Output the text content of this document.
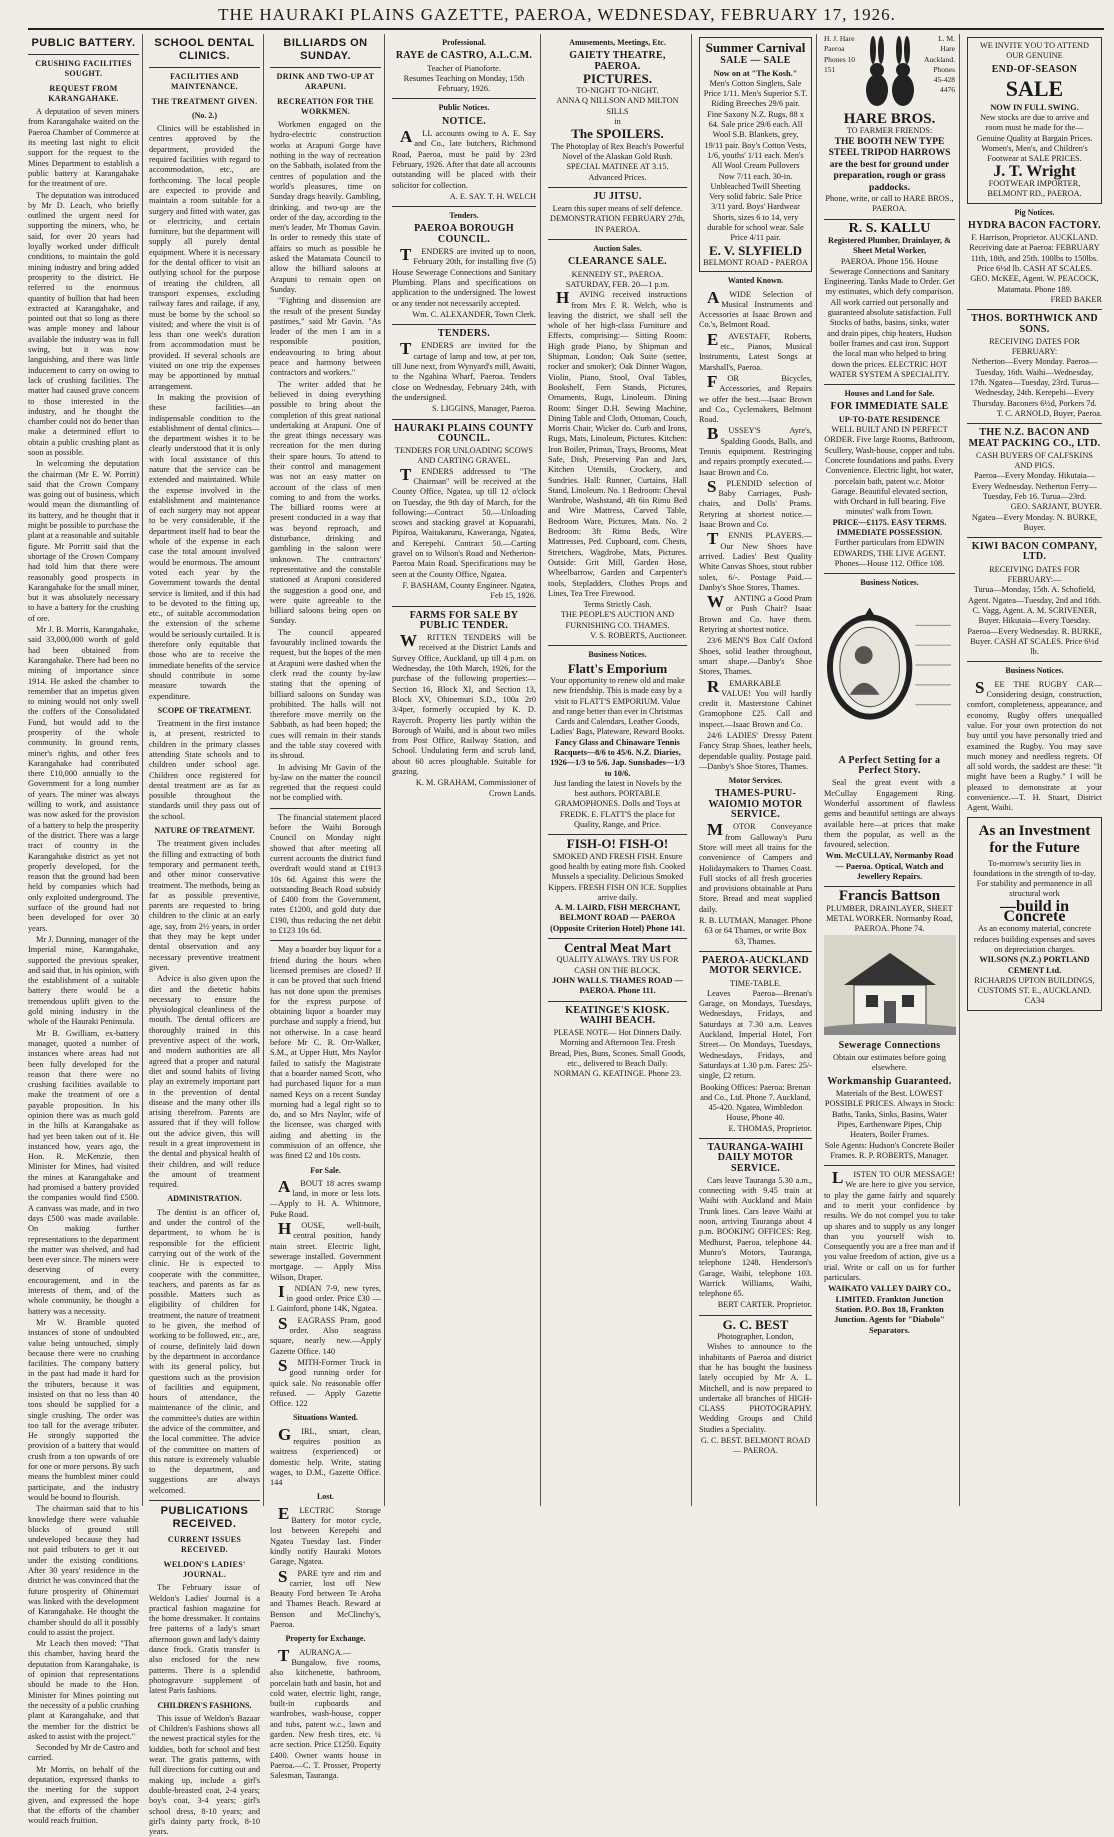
THE HAURAKI PLAINS GAZETTE, PAEROA, WEDNESDAY, FEBRUARY 17, 1926.
PUBLIC BATTERY.
CRUSHING FACILITIES SOUGHT.
REQUEST FROM KARANGAHAKE.

A deputation of seven miners from Karangahake waited on the Paeroa Chamber of Commerce at its meeting last night to elicit support for the request to the Mines Department to establish a public battery at Karangahake for the treatment of ore.

The deputation was introduced by Mr D. Leach, who briefly outlined the urgent need for supporting the miners, who, he said, for over 20 years had loyally worked under difficult conditions, to maintain the gold mining industry and bring added prosperity to the district. He referred to the enormous quantity of bullion that had been extracted at Karangahake, and pointed out that so long as there was ample money and labour available the industry was in full swing, but it was now languishing, and there was little inducement to carry on owing to lack of crushing facilities. The matter had caused grave concern to those interested in the industry, and he thought the chamber could not do better than make a determined effort to obtain a public crushing plant as soon as possible.

In welcoming the deputation the chairman (Mr E. W. Porritt) said that the Crown Company was going out of business, which would mean the dismantling of its battery, and he thought that it might be possible to purchase the plant at a reasonable and suitable figure. Mr Porritt said that the shortage of the Crown Company had told him that there were reasonably good prospects in Karangahake for the small miner, but it was absolutely necessary to have a battery for the crushing of ore.

Mr J. B. Morris, Karangahake, said 33,000,000 worth of gold had been obtained from Karangahake. There had been no mining of importance since 1914. He asked the chamber to remember that an impetus given to mining would not only swell the coffers of the Consolidated Fund, but would add to the prosperity of the whole community. In ground rents, miner's rights, and other fees Karangahake had contributed there £10,000 annually to the Government for a long number of years. The miner was always willing to work, and assistance was now asked for the provision of a battery to help the prosperity of the district. There was a large tract of country in the Karangahake district as yet not properly developed, for the reason that the ground had been held by companies which had only exploited underground. The surface of the ground had not been developed for over 30 years.

Mr J. Dunning, manager of the Imperial mine, Karangahake, supported the previous speaker, and said that, in his opinion, with the establishment of a suitable battery there would be a tremendous uplift given to the gold mining industry in the whole of the Hauraki Peninsula.

Mr B. Gwilliam, ex-battery manager, quoted a number of instances where areas had not been fully developed for the reason that there were no crushing facilities available to make the treatment of ore a payable proposition. In his opinion there was as much gold in the hills at Karangahake as had yet been taken out of it. He instanced how, years ago, the Hon. R. McKenzie, then Minister for Mines, had visited the mines at Karangahake and had promised a battery provided the companies would find £500. A canvass was made, and in two days £500 was made available. On making further representations to the department the matter was shelved, and had been ever since. The miners were deserving of every encouragement, and in the interests of them, and of the whole community, he thought a battery was a necessity.

Mr W. Bramble quoted instances of stone of undoubted value being untouched, simply because there were no crushing facilities. The company battery in the past had made it hard for the tributers, because it was insisted on that no less than 40 tons should be supplied for a single crushing. The order was too tall for the average tributer. He strongly supported the provision of a battery that would crush from a ton upwards of ore for one or more persons. By such means the humblest miner could participate, and the industry would be bound to flourish.

The chairman said that to his knowledge there were valuable blocks of ground still undeveloped because they had not paid tributers to get it out under the existing conditions. After 30 years' residence in the district he was convinced that the future prosperity of Ohinemuri was linked with the development of Karangahake. He thought the chamber should do all it possibly could to assist the project.

Mr Leach then moved: "That this chamber, having heard the deputation from Karangahake, is of opinion that representations should be made to the Hon. Minister for Mines pointing out the necessity of a public crushing plant at Karangahake, and that the member for the district be asked to assist with the project."

Seconded by Mr de Castro and carried.

Mr Morris, on behalf of the deputation, expressed thanks to the meeting for the support given, and expressed the hope that the efforts of the chamber would reach fruition.

SCHOOL DENTAL CLINICS.
FACILITIES AND MAINTENANCE.
THE TREATMENT GIVEN.
(No. 2.)

Clinics will be established in centres approved by the department, provided the required facilities with regard to accommodation, etc., are forthcoming. The local people are expected to provide and maintain a room suitable for a surgery and fitted with water, gas or electricity, and certain furniture, but the department will supply all purely dental equipment. Where it is necessary for the dental officer to visit an outlying school for the purpose of treating the children, all transport expenses, excluding railway fares and railage, if any, must be borne by the school so visited; and where the visit is of less than one week's duration from accommodation must be provided. If several schools are visited on one trip the expenses may be apportioned by mutual arrangement.

In making the provision of these facilities—an indispensable condition to the establishment of dental clinics—the department wishes it to be clearly understood that it is only with local assistance of this nature that the service can be extended and maintained. While the expense involved in the establishment and maintenance of each surgery may not appear to be very considerable, if the department itself had to bear the whole of the expense in each case the total amount involved would be enormous. The amount voted each year by the Government towards the dental service is limited, and if this had to be devoted to the fitting up, etc., of suitable accommodation the extension of the scheme would be seriously curtailed. It is therefore only equitable that those who are to receive the immediate benefits of the service should contribute in some measure towards the expenditure.

SCOPE OF TREATMENT.

Treatment in the first instance is, at present, restricted to children in the primary classes attending State schools and to children under school age. Children once registered for dental treatment are as far as possible throughout the standards until they pass out of the school.

NATURE OF TREATMENT.

The treatment given includes the filling and extracting of both temporary and permanent teeth, and other minor conservative treatment. The methods, being as far as possible preventive, parents are requested to bring children to the clinic at an early age, say, from 2½ years, in order that they may be kept under dental observation and any necessary preventive treatment given.

Advice is also given upon the diet and the dietetic habits necessary to ensure the physiological cleanliness of the mouth. The dental officers are thoroughly trained in this preventive aspect of the work, and modern authorities are all agreed that a proper and natural diet and sound habits of living play an extremely important part in the prevention of dental disease and the many other ills arising therefrom. Parents are assured that if they will follow out the advice given, this will result in a great improvement in the dental and physical health of their children, and will reduce the amount of treatment required.

ADMINISTRATION.

The dentist is an officer of, and under the control of the department, to whom he is responsible for the efficient carrying out of the work of the clinic. He is expected to cooperate with the committee, teachers, and parents as far as possible. Matters such as eligibility of children for treatment, the nature of treatment to be given, the method of working to be followed, etc., are, of course, definitely laid down by the department in accordance with its general policy, but questions such as the provision of facilities and equipment, hours of attendance, the maintenance of the clinic, and the committee's duties are within the advice of the committee, and the local committee. The advice of the committee on matters of this nature is extremely valuable to the department, and suggestions are always welcomed.

PUBLICATIONS RECEIVED.
CURRENT ISSUES RECEIVED.
WELDON'S LADIES' JOURNAL.

The February issue of Weldon's Ladies' Journal is a practical fashion magazine for the home dressmaker. It contains free patterns of a lady's smart afternoon gown and lady's dainty dance frock. Gratis transfer is also enclosed for the new patterns. There is a splendid photogravure supplement of latest Paris fashions.

CHILDREN'S FASHIONS.

This issue of Weldon's Bazaar of Children's Fashions shows all the newest practical styles for the kiddies, both for school and best wear. The gratis patterns, with full directions for cutting out and making up, include a girl's double-breasted coat, 2-4 years; boy's coat, 3-4 years; girl's school dress, 8-10 years; and girl's dainty party frock, 8-10 years.

BILLIARDS ON SUNDAY.
DRINK AND TWO-UP AT ARAPUNI.
RECREATION FOR THE WORKMEN.

Workmen engaged on the hydro-electric construction works at Arapuni Gorge have nothing in the way of recreation on the Sabbath, isolated from the centres of population and the world's pleasures, time on Sunday drags heavily. Gambling, drinking, and two-up are the order of the day, according to the men's leader, Mr Thomas Gavin. In order to remedy this state of affairs so much as possible he asked the Matamata Council to allow the billiard saloons at Arapuni to remain open on Sunday.

"Fighting and dissension are the result of the present Sunday pastimes," said Mr Gavin. "As leader of the men I am in a responsible position, endeavouring to bring about peace and harmony between contractors and workers."

The writer added that he believed in doing everything possible to bring about the completion of this great national undertaking at Arapuni. One of the great things necessary was recreation for the men during their spare hours. To attend to their control and management was not an easy matter on account of the class of men coming to and from the works. The billiard rooms were at present conducted in a way that was beyond reproach, and disturbance, drinking and gambling in the saloon were unknown. The contractors' representative and the constable stationed at Arapuni considered the suggestion a good one, and were quite agreeable to the billiard saloons being open on Sunday.

The council appeared favourably inclined towards the request, but the hopes of the men at Arapuni were dashed when the clerk read the county by-law stating that the opening of billiard saloons on Sunday was prohibited. The halls will not therefore move merrily on the Sabbath, as had been hoped; the cues will remain in their stands and the table stay covered with its shroud.

In advising Mr Gavin of the by-law on the matter the council regretted that the request could not be complied with.

The financial statement placed before the Waihi Borough Council on Monday night showed that after meeting all current accounts the district fund overdraft would stand at £1913 10s 6d. Against this were the outstanding Beach Road subsidy of £400 from the Government, rates £1200, and gold duty due £190, thus reducing the net debit to £123 10s 6d.

May a boarder buy liquor for a friend during the hours when licensed premises are closed? If it can be proved that such friend has not done upon the premises for the express purpose of obtaining liquor a boarder may purchase and supply a friend, but not otherwise. In a case heard before Mr C. R. Orr-Walker, S.M., at Upper Hutt, Mrs Naylor failed to satisfy the Magistrate that a boarder named Scott, who had purchased liquor for a man named Keys on a recent Sunday morning had a legal right so to do, and so Mrs Naylor, wife of the licensee, was charged with aiding and abetting in the commission of an offence, she was fined £2 and 10s costs.

For Sale.

ABOUT 18 acres swamp land, in more or less lots.—Apply to H. A. Whitmore, Puke Road.

HOUSE, well-built, central position, handy main street. Electric light, sewerage installed. Government mortgage. — Apply Miss Wilson, Draper.

INDIAN 7-9, new tyres, in good order. Price £30 —I. Gainford, phone 14K, Ngatea.

SEAGRASS Pram, good order. Also seagrass square, nearly new.—Apply Gazette Office. 140

SMITH-Former Truck in good running order for quick sale. No reasonable offer refused. — Apply Gazette Office. 122

Situations Wanted.

GIRL, smart, clean, requires position as waitress (experienced) or domestic help. Write, stating wages, to D.M., Gazette Office. 144

Lost.

ELECTRIC Storage Battery for motor cycle, lost between Kerepehi and Ngatea Tuesday last. Finder kindly notify Hauraki Motors Garage, Ngatea.

SPARE tyre and rim and carrier, lost off New Beauty Ford between Te Aroha and Thames Beach. Reward at Benson and McClinchy's, Paeroa.

Property for Exchange.

TAURANGA.—Bungalow, five rooms, also kitchenette, bathroom, porcelain bath and basin, hot and cold water, electric light, range, built-in cupboards and wardrobes, wash-house, copper and tubs, patent w.c., lawn and garden. New fresh tires, etc. ¼ acre section. Price £1250. Equity £400. Owner wants house in Paeroa.—C. T. Prosser, Property Salesman, Tauranga.

Professional.
RAYE de CASTRO, A.L.C.M.
Teacher of Pianoforte.
Resumes Teaching on Monday, 15th February, 1926.
Public Notices.
NOTICE.

ALL accounts owing to A. E. Say and Co., late butchers, Richmond Road, Paeroa, must be paid by 23rd February, 1926. After that date all accounts outstanding will be placed with their solicitor for collection.

A. E. SAY. T. H. WELCH
Tenders.
PAEROA BOROUGH COUNCIL.

TENDERS are invited up to noon, February 20th, for installing five (5) House Sewerage Connections and Sanitary Plumbing. Plans and specifications on application to the undersigned. The lowest or any tender not necessarily accepted.

Wm. C. ALEXANDER, Town Clerk.
TENDERS.

TENDERS are invited for the cartage of lamp and tow, at per ton, till June next, from Wynyard's mill, Awaiti, to the Ngahina Wharf, Paeroa. Tenders close on Wednesday, February 24th, with the undersigned.

S. LIGGINS, Manager, Paeroa.
HAURAKI PLAINS COUNTY COUNCIL.
TENDERS FOR UNLOADING SCOWS AND CARTING GRAVEL.

TENDERS addressed to "The Chairman" will be received at the County Office, Ngatea, up till 12 o'clock on Tuesday, the 9th day of March, for the following:—Contract 50.—Unloading scows and stacking gravel at Kopuarahi, Pipiroa, Waitakaruru, Kaweranga, Ngatea, and Kerepehi. Contract 50.—Carting gravel on to Wilson's Road and Netherton-Paeroa Main Road. Specifications may be seen at the County Office, Ngatea.

F. BASHAM, County Engineer. Ngatea, Feb 15, 1926.
FARMS FOR SALE BY PUBLIC TENDER.

WRITTEN TENDERS will be received at the District Lands and Survey Office, Auckland, up till 4 p.m. on Wednesday, the 10th March, 1926, for the purchase of the following properties:— Section 16, Block XI, and Section 13, Block XV, Ohinemuri S.D., 100a 2r0 3/4per, formerly occupied by K. D. Raycroft. Property lies partly within the Borough of Waihi, and is about two miles from Post Office, Railway Station, and School. Undulating ferm and scrub land, about 60 acres ploughable. Suitable for grazing.

K. M. GRAHAM, Commissioner of Crown Lands.
Amusements, Meetings, Etc.
GAIETY THEATRE, PAEROA.
PICTURES.
TO-NIGHT TO-NIGHT.
ANNA Q NILLSON AND MILTON SILLS
in
The SPOILERS.
The Photoplay of Rex Beach's Powerful Novel of the Alaskan Gold Rush.
SPECIAL MATINEE AT 3.15.
Advanced Prices.
JU JITSU.
Learn this super means of self defence.
DEMONSTRATION FEBRUARY 27th, IN PAEROA.
Auction Sales.
CLEARANCE SALE.
KENNEDY ST., PAEROA.
SATURDAY, FEB. 20—1 p.m.

HAVING received instructions from Mrs F. R. Welch, who is leaving the district, we shall sell the whole of her high-class Furniture and Effects, comprising:— Sitting Room: High grade Piano, by Shipman and Shipman, London; Oak Suite (settee, rocker and smoker); Oak Dinner Wagon, Violin, Piano, Stool, Oval Tables, Bookshelf, Fern Stands, Pictures, Ornaments, Rugs, Linoleum. Dining Room: Singer D.H. Sewing Machine, Dining Table and Cloth, Ottoman, Couch, Morris Chair, Wicker do. Curb and Irons, Rugs, Mats, Linoleum, Pictures. Kitchen: Iron Boiler, Primus, Trays, Brooms, Meat Safe, Dish, Preserving Pan and Jars, Kitchen Utensils, Crockery, and Sundries. Hall: Runner, Curtains, Hall Stand, Linoleum. No. 1 Bedroom: Cheval Wardrobe, Washstand, 4ft 6in Rimu Bed and Wire Mattress, Carved Table, Bedroom Ware, Pictures, Mats. No. 2 Bedroom: 3ft Rimu Beds, Wire Mattresses, Ped. Cupboard, com. Chests, Stretchers, Wagdrobe, Mats, Pictures. Outside: Grit Mill, Garden Hose, Wheelbarrow, Garden and Carpenter's tools, Stepladders, Clothes Props and Lines, Tea Tree Firewood.

Terms Strictly Cash.
THE PEOPLE'S AUCTION AND FURNISHING CO. THAMES.
V. S. ROBERTS, Auctioneer.
Business Notices.
Flatt's Emporium
Your opportunity to renew old and make new friendship. This is made easy by a visit to FLATT'S EMPORIUM. Value and range better than ever in Christmas Cards and Calendars, Leather Goods, Ladies' Bags, Plateware, Reward Books.
Fancy Glass and Chinaware Tennis Racquets—8/6 to 45/6. N.Z. Diaries, 1926—1/3 to 5/6. Jap. Sunshades—1/3 to 10/6.
Just landing the latest in Novels by the best authors. PORTABLE GRAMOPHONES. Dolls and Toys at FREDK. E. FLATT'S the place for Quality, Range, and Price.
FISH-O! FISH-O!
SMOKED AND FRESH FISH. Ensure good health by eating more fish. Cooked Mussels a speciality. Delicious Smoked Kippers. FRESH FISH ON ICE. Supplies arrive daily.
A. M. LAIRD, FISH MERCHANT, BELMONT ROAD — PAEROA (Opposite Criterion Hotel) Phone 141.
Central Meat Mart
QUALITY ALWAYS. TRY US FOR CASH ON THE BLOCK.
JOHN WALLS. THAMES ROAD — PAEROA. Phone 111.
KEATINGE'S KIOSK. WAIHI BEACH.
PLEASE NOTE— Hot Dinners Daily. Morning and Afternoon Tea. Fresh Bread, Pies, Buns, Scones. Small Goods, etc., delivered to Beach Daily.
NORMAN G. KEATINGE. Phone 23.
Summer Carnival
SALE — SALE
Now on at "The Kosh."
Men's Cotton Singlets, Sale Price 1/11. Men's Superior S.T. Riding Breeches 29/6 pair. Fine Saxony N.Z. Rugs, 88 x 64. Sale price 29/6 each. All Wool S.B. Blankets, grey, 19/11 pair. Boy's Cotton Vests, 1/6, youths' 1/11 each. Men's All Wool Cream Pullovers Now 7/11 each. 30-in. Unbleached Twill Sheeting Very solid fabric. Sale Price 3/11 yard. Boys' Hardwear Shorts, sizes 6 to 14, very durable for school wear. Sale Price 4/11 pair.
E. V. SLYFIELD
BELMONT ROAD - PAEROA
Wanted Known.

AWIDE Selection of Musical Instruments and Accessories at Isaac Brown and Co.'s, Belmont Road.

EAVESTAFF, Roberts, etc., Pianos, Musical Instruments, Latest Songs at Marshall's, Paeroa.

FOR Bicycles, Accessories, and Repairs we offer the best.—Isaac Brown and Co., Cyclemakers, Belmont Road.

BUSSEY'S Ayre's, Spalding Goods, Balls, and Tennis equipment. Restringing and repairs promptly executed.—Isaac Brown and Co.

SPLENDID selection of Baby Carriages, Push-chairs, and Dolls' Prams. Retyring at shortest notice.—Isaac Brown and Co.

TENNIS PLAYERS.—Our New Shoes have arrived. Ladies' Best Quality White Canvas Shoes, stout rubber soles, 6/-. Postage Paid.—Danby's Shoe Stores, Thames.

WANTING a Good Pram or Push Chair? Isaac Brown and Co. have them. Retyring at shortest notice.

23/6 MEN'S Box Calf Oxford Shoes, solid leather throughout, smart shape.—Danby's Shoe Stores, Thames.

REMARKABLE VALUE! You will hardly credit it. Masterstone Cabinet Gramophone £25. Call and inspect.—Isaac Brown and Co.

24/6 LADIES' Dressy Patent Fancy Strap Shoes, leather heels, dependable quality. Postage paid.—Danby's Shoe Stores, Thames.

Motor Services.
THAMES-PURU-WAIOMIO MOTOR SERVICE.

MOTOR Conveyance from Galloway's Puru Store will meet all trains for the convenience of Campers and Holidaymakers to Thames Coast. Full stocks of all fresh groceries and provisions obtainable at Puru Store. Bread and meat supplied daily.

R. B. LUTMAN, Manager. Phone 63 or 64 Thames, or write Box 63, Thames.
PAEROA-AUCKLAND MOTOR SERVICE.
TIME-TABLE.

Leaves Paeroa—Brenan's Garage, on Mondays, Tuesdays, Wednesdays, Fridays, and Saturdays at 7.30 a.m. Leaves Auckland, Imperial Hotel, Fort Street— On Mondays, Tuesdays, Wednesdays, Fridays, and Saturdays at 1.30 p.m. Fares: 25/- single, £2 return.

Booking Offices: Paeroa: Brenan and Co., Ltd. Phone 7. Auckland, 45-420. Ngatea, Wimbledon House, Phone 40.
E. THOMAS, Proprietor.
TAURANGA-WAIHI DAILY MOTOR SERVICE.

Cars leave Tauranga 5.30 a.m., connecting with 9.45 train at Waihi with Auckland and Main Trunk lines. Cars leave Waihi at noon, arriving Tauranga about 4 p.m. BOOKING OFFICES: Reg. Medhurst, Paeroa, telephone 44. Munro's Motors, Tauranga, telephone 1248. Henderson's Garage, Waihi, telephone 103. Warrick Williams, Waihi, telephone 65.

BERT CARTER. Proprietor.
G. C. BEST
Photographer, London,

Wishes to announce to the inhabitants of Paeroa and district that he has bought the business lately occupied by Mr A. L. Mitchell, and is now prepared to undertake all branches of HIGH-CLASS PHOTOGRAPHY. Wedding Groups and Child Studies a Speciality.

G. C. BEST. BELMONT ROAD — PAEROA.
H. J. Hare
Paeroa Phones 10 151
L. M. Hare
Auckland. Phones 45-428 4476
HARE BROS.
TO FARMER FRIENDS:
THE BOOTH NEW TYPE STEEL TRIPOD HARROWS are the best for ground under preparation, rough or grass paddocks.
Phone, write, or call to HARE BROS., PAEROA.
R. S. KALLU
Registered Plumber, Drainlayer, & Sheet Metal Worker,
PAEROA. Phone 156. House Sewerage Connections and Sanitary Engineering. Tanks Made to Order. Get my estimates, which defy comparison. All work carried out personally and guaranteed absolute satisfaction. Full Stocks of baths, basins, sinks, water and drain pipes, chip heaters, Hudson boiler frames and cast iron. Support the local man who helped to bring down the prices. ELECTRIC HOT WATER SYSTEM A SPECIALITY.
Houses and Land for Sale.
FOR IMMEDIATE SALE
UP-TO-DATE RESIDENCE
WELL BUILT AND IN PERFECT ORDER. Five large Rooms, Bathroom, Scullery, Wash-house, copper and tubs. Concrete foundations and paths. Every Convenience. Electric light, hot water, porcelain bath, patent w.c. Motor Garage. Beautiful elevated section, with Orchard in full bearing. Five minutes' walk from Town.
PRICE—£1175. EASY TERMS. IMMEDIATE POSSESSION.
Further particulars from EDWIN EDWARDS, THE LIVE AGENT. Phones—House 112. Office 108.
Business Notices.
A Perfect Setting for a Perfect Story.

Seal the great event with a McCullay Engagement Ring. Wonderful assortment of flawless gems and beautiful settings are always available here—at prices that make them the popular, as well as the favoured, selection.

Wm. McCULLAY, Normanby Road — Paeroa. Optical, Watch and Jewellery Repairs.
Francis Battson
PLUMBER, DRAINLAYER, SHEET METAL WORKER. Normanby Road, PAEROA. Phone 74.
Sewerage Connections
Obtain our estimates before going elsewhere.
Workmanship Guaranteed.
Materials of the Best. LOWEST POSSIBLE PRICES. Always in Stock: Baths, Tanks, Sinks, Basins, Water Pipes, Earthenware Pipes, Chip Heaters, Boiler Frames.
Sole Agents: Hudson's Concrete Boiler Frames. R. P. ROBERTS, Manager.

LISTEN TO OUR MESSAGE! We are here to give you service, to play the game fairly and squarely and to merit your confidence by results. We do not compel you to take up shares and to supply us any longer than you yourself wish to. Consequently you are a free man and if you value freedom of action, give us a trial. Write or call on us for further particulars.

WAIKATO VALLEY DAIRY CO., LIMITED. Frankton Junction Station. P.O. Box 18, Frankton Junction. Agents for "Diabolo" Separators.
WE INVITE YOU TO ATTEND OUR GENUINE
END-OF-SEASON
SALE
NOW IN FULL SWING.
New stocks are due to arrive and room must be made for the—
Genuine Quality at Bargain Prices.
Women's, Men's, and Children's Footwear at SALE PRICES.
J. T. Wright
FOOTWEAR IMPORTER, BELMONT RD., PAEROA.
Pig Notices.
HYDRA BACON FACTORY.
F. Harrison, Proprietor. AUCKLAND. Receiving date at Paeroa: FEBRUARY 11th, 18th, and 25th. 100lbs to 150lbs. Price 6½d lb. CASH AT SCALES. GEO. McKEE, Agent. W. PEACOCK, Matamata. Phone 189.
FRED BAKER
THOS. BORTHWICK AND SONS.
RECEIVING DATES FOR FEBRUARY:
Netherton—Every Monday. Paeroa—Tuesday, 16th. Waihi—Wednesday, 17th. Ngatea—Tuesday, 23rd. Turua—Wednesday, 24th. Kerepehi—Every Thursday. Baconers 6½d, Porkers 7d.
T. C. ARNOLD, Buyer, Paeroa.
THE N.Z. BACON AND MEAT PACKING CO., LTD.
CASH BUYERS OF CALFSKINS AND PIGS.
Paeroa—Every Monday. Hikutaia—Every Wednesday. Netherton Ferry—Tuesday, Feb 16. Turua—23rd.
GEO. SARJANT, BUYER.
Ngatea—Every Monday. N. BURKE, Buyer.
KIWI BACON COMPANY, LTD.
RECEIVING DATES FOR FEBRUARY:—
Turua—Monday, 15th. A. Schofield, Agent. Ngatea—Tuesday, 2nd and 16th. C. Vagg, Agent. A. M. SCRIVENER, Buyer. Hikutaia—Every Tuesday. Paeroa—Every Wednesday. R. BURKE, Buyer. CASH AT SCALES. Price 6½d lb.
Business Notices.

SEE THE RUGBY CAR—Considering design, construction, comfort, completeness, appearance, and economy, Rugby offers unequalled value. For your own protection do not buy until you have personally tried and examined the Rugby. You may save much money and needless regrets. Of all sold words, the saddest are these: "It might have been a Rugby." I will be pleased to demonstrate at your convenience.—T. H. Stuart, District Agent, Waihi.

As an Investment for the Future
To-morrow's security lies in foundations in the strength of to-day. For stability and permanence in all structural work
—build in Concrete
As an economy material, concrete reduces building expenses and saves on depreciation charges.
WILSONS (N.Z.) PORTLAND CEMENT Ltd.
RICHARDS UPTON BUILDINGS, CUSTOMS ST. E., AUCKLAND. CA34
